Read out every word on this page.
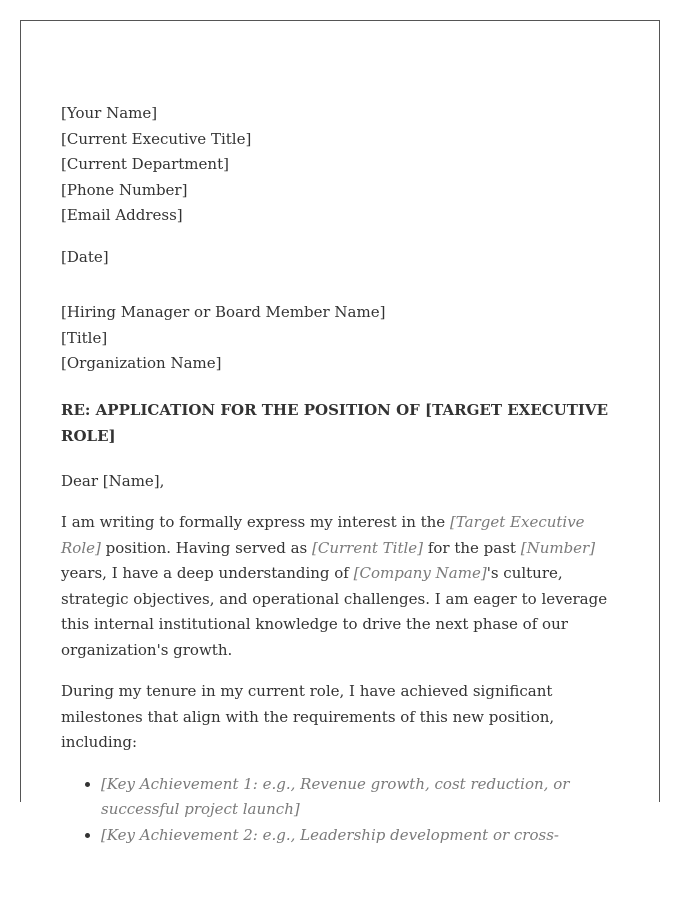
[Your Name]
[Current Executive Title]
[Current Department]
[Phone Number]
[Email Address]
[Date]
[Hiring Manager or Board Member Name]
[Title]
[Organization Name]
RE: APPLICATION FOR THE POSITION OF [TARGET EXECUTIVE ROLE]
Dear [Name],

I am writing to formally express my interest in the [Target Executive Role] position. Having served as [Current Title] for the past [Number] years, I have a deep understanding of [Company Name]'s culture, strategic objectives, and operational challenges. I am eager to leverage this internal institutional knowledge to drive the next phase of our organization's growth.

During my tenure in my current role, I have achieved significant milestones that align with the requirements of this new position, including:

• [Key Achievement 1: e.g., Revenue growth, cost reduction, or successful project launch]
• [Key Achievement 2: e.g., Leadership development or cross-
